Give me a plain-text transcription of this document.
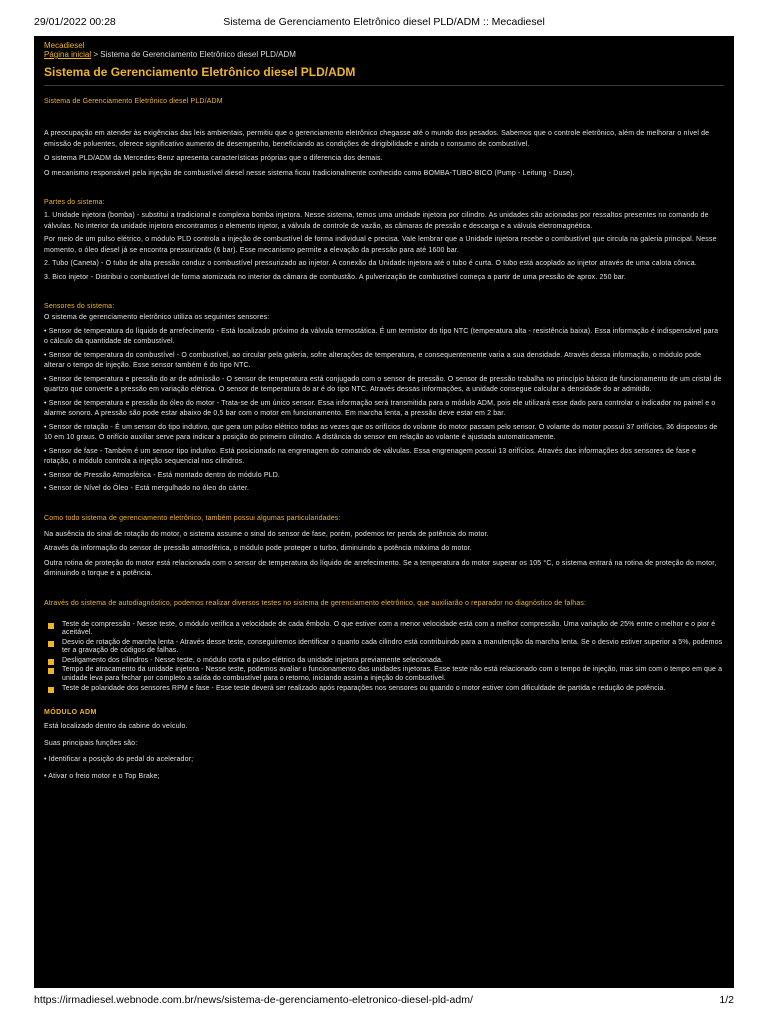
29/01/2022 00:28	Sistema de Gerenciamento Eletrônico diesel PLD/ADM :: Mecadiesel
Mecadiesel
Página inicial > Sistema de Gerenciamento Eletrônico diesel PLD/ADM
Sistema de Gerenciamento Eletrônico diesel PLD/ADM
Sistema de Gerenciamento Eletrônico diesel PLD/ADM

A preocupação em atender às exigências das leis ambientais, permitiu que o gerenciamento eletrônico chegasse até o mundo dos pesados. Sabemos que o controle eletrônico, além de melhorar o nível de emissão de poluentes, oferece significativo aumento de desempenho, beneficiando as condições de dirigibilidade e ainda o consumo de combustível.

O sistema PLD/ADM da Mercedes-Benz apresenta características próprias que o diferencia dos demais.

O mecanismo responsável pela injeção de combustível diesel nesse sistema ficou tradicionalmente conhecido como BOMBA-TUBO-BICO (Pump - Leitung - Duse).

Partes do sistema:

1. Unidade injetora (bomba) - substitui a tradicional e complexa bomba injetora. Nesse sistema, temos uma unidade injetora por cilindro. As unidades são acionadas por ressaltos presentes no comando de válvulas. No interior da unidade injetora encontramos o elemento injetor, a válvula de controle de vazão, as câmaras de pressão e descarga e a válvula eletromagnética.

Por meio de um pulso elétrico, o módulo PLD controla a injeção de combustível de forma individual e precisa. Vale lembrar que a Unidade injetora recebe o combustível que circula na galeria principal. Nesse momento, o óleo diesel já se encontra pressurizado (6 bar). Esse mecanismo permite a elevação da pressão para até 1600 bar.

2. Tubo (Caneta) - O tubo de alta pressão conduz o combustível pressurizado ao injetor. A conexão da Unidade injetora até o tubo é curta. O tubo está acoplado ao injetor através de uma calota cônica.

3. Bico injetor - Distribui o combustível de forma atomizada no interior da câmara de combustão. A pulverização de combustível começa a partir de uma pressão de aprox. 250 bar.

Sensores do sistema:

O sistema de gerenciamento eletrônico utiliza os seguintes sensores:

• Sensor de temperatura do líquido de arrefecimento - Está localizado próximo da válvula termostática. É um termistor do tipo NTC (temperatura alta - resistência baixa). Essa informação é indispensável para o cálculo da quantidade de combustível.

• Sensor de temperatura do combustível - O combustível, ao circular pela galeria, sofre alterações de temperatura, e consequentemente varia a sua densidade. Através dessa informação, o módulo pode alterar o tempo de injeção. Esse sensor também é do tipo NTC.

• Sensor de temperatura e pressão do ar de admissão - O sensor de temperatura está conjugado com o sensor de pressão. O sensor de pressão trabalha no princípio básico de funcionamento de um cristal de quartzo que converte a pressão em variação elétrica. O sensor de temperatura do ar é do tipo NTC. Através dessas informações, a unidade consegue calcular a densidade do ar admitido.

• Sensor de temperatura e pressão do óleo do motor - Trata-se de um único sensor. Essa informação será transmitida para o módulo ADM, pois ele utilizará esse dado para controlar o indicador no painel e o alarme sonoro. A pressão são pode estar abaixo de 0,5 bar com o motor em funcionamento. Em marcha lenta, a pressão deve estar em 2 bar.

• Sensor de rotação - É um sensor do tipo indutivo, que gera um pulso elétrico todas as vezes que os orifícios do volante do motor passam pelo sensor. O volante do motor possui 37 orifícios, 36 dispostos de 10 em 10 graus. O orifício auxiliar serve para indicar a posição do primeiro cilindro. A distância do sensor em relação ao volante é ajustada automaticamente.

• Sensor de fase - Também é um sensor tipo indutivo. Está posicionado na engrenagem do comando de válvulas. Essa engrenagem possui 13 orifícios. Através das informações dos sensores de fase e rotação, o módulo controla a injeção sequencial nos cilindros.

• Sensor de Pressão Atmosférica - Está montado dentro do módulo PLD.

• Sensor de Nível do Óleo - Está mergulhado no óleo do cárter.

Como todo sistema de gerenciamento eletrônico, também possui algumas particularidades:

Na ausência do sinal de rotação do motor, o sistema assume o sinal do sensor de fase, porém, podemos ter perda de potência do motor.

Através da informação do sensor de pressão atmosférica, o módulo pode proteger o turbo, diminuindo a potência máxima do motor.

Outra rotina de proteção do motor está relacionada com o sensor de temperatura do líquido de arrefecimento. Se a temperatura do motor superar os 105 °C, o sistema entrará na rotina de proteção do motor, diminuindo o torque e a potência.

Através do sistema de autodiagnóstico, podemos realizar diversos testes no sistema de gerenciamento eletrônico, que auxiliarão o reparador no diagnóstico de falhas:
Teste de compressão - Nesse teste, o módulo verifica a velocidade de cada êmbolo. O que estiver com a menor velocidade está com a melhor compressão. Uma variação de 25% entre o melhor e o pior é aceitável.
Desvio de rotação de marcha lenta - Através desse teste, conseguiremos identificar o quanto cada cilindro está contribuindo para a manutenção da marcha lenta. Se o desvio estiver superior a 5%, podemos ter a gravação de códigos de falhas.
Desligamento dos cilindros - Nesse teste, o módulo corta o pulso elétrico da unidade injetora previamente selecionada.
Tempo de atracamento da unidade injetora - Nesse teste, podemos avaliar o funcionamento das unidades injetoras. Esse teste não está relacionado com o tempo de injeção, mas sim com o tempo em que a unidade leva para fechar por completo a saída do combustível para o retorno, iniciando assim a injeção do combustível.
Teste de polaridade dos sensores RPM e fase - Esse teste deverá ser realizado após reparações nos sensores ou quando o motor estiver com dificuldade de partida e redução de potência.
MÓDULO ADM

Está localizado dentro da cabine do veículo.

Suas principais funções são:

• Identificar a posição do pedal do acelerador;

• Ativar o freio motor e o Top Brake;

https://irmadiesel.webnode.com.br/news/sistema-de-gerenciamento-eletronico-diesel-pld-adm/	1/2
